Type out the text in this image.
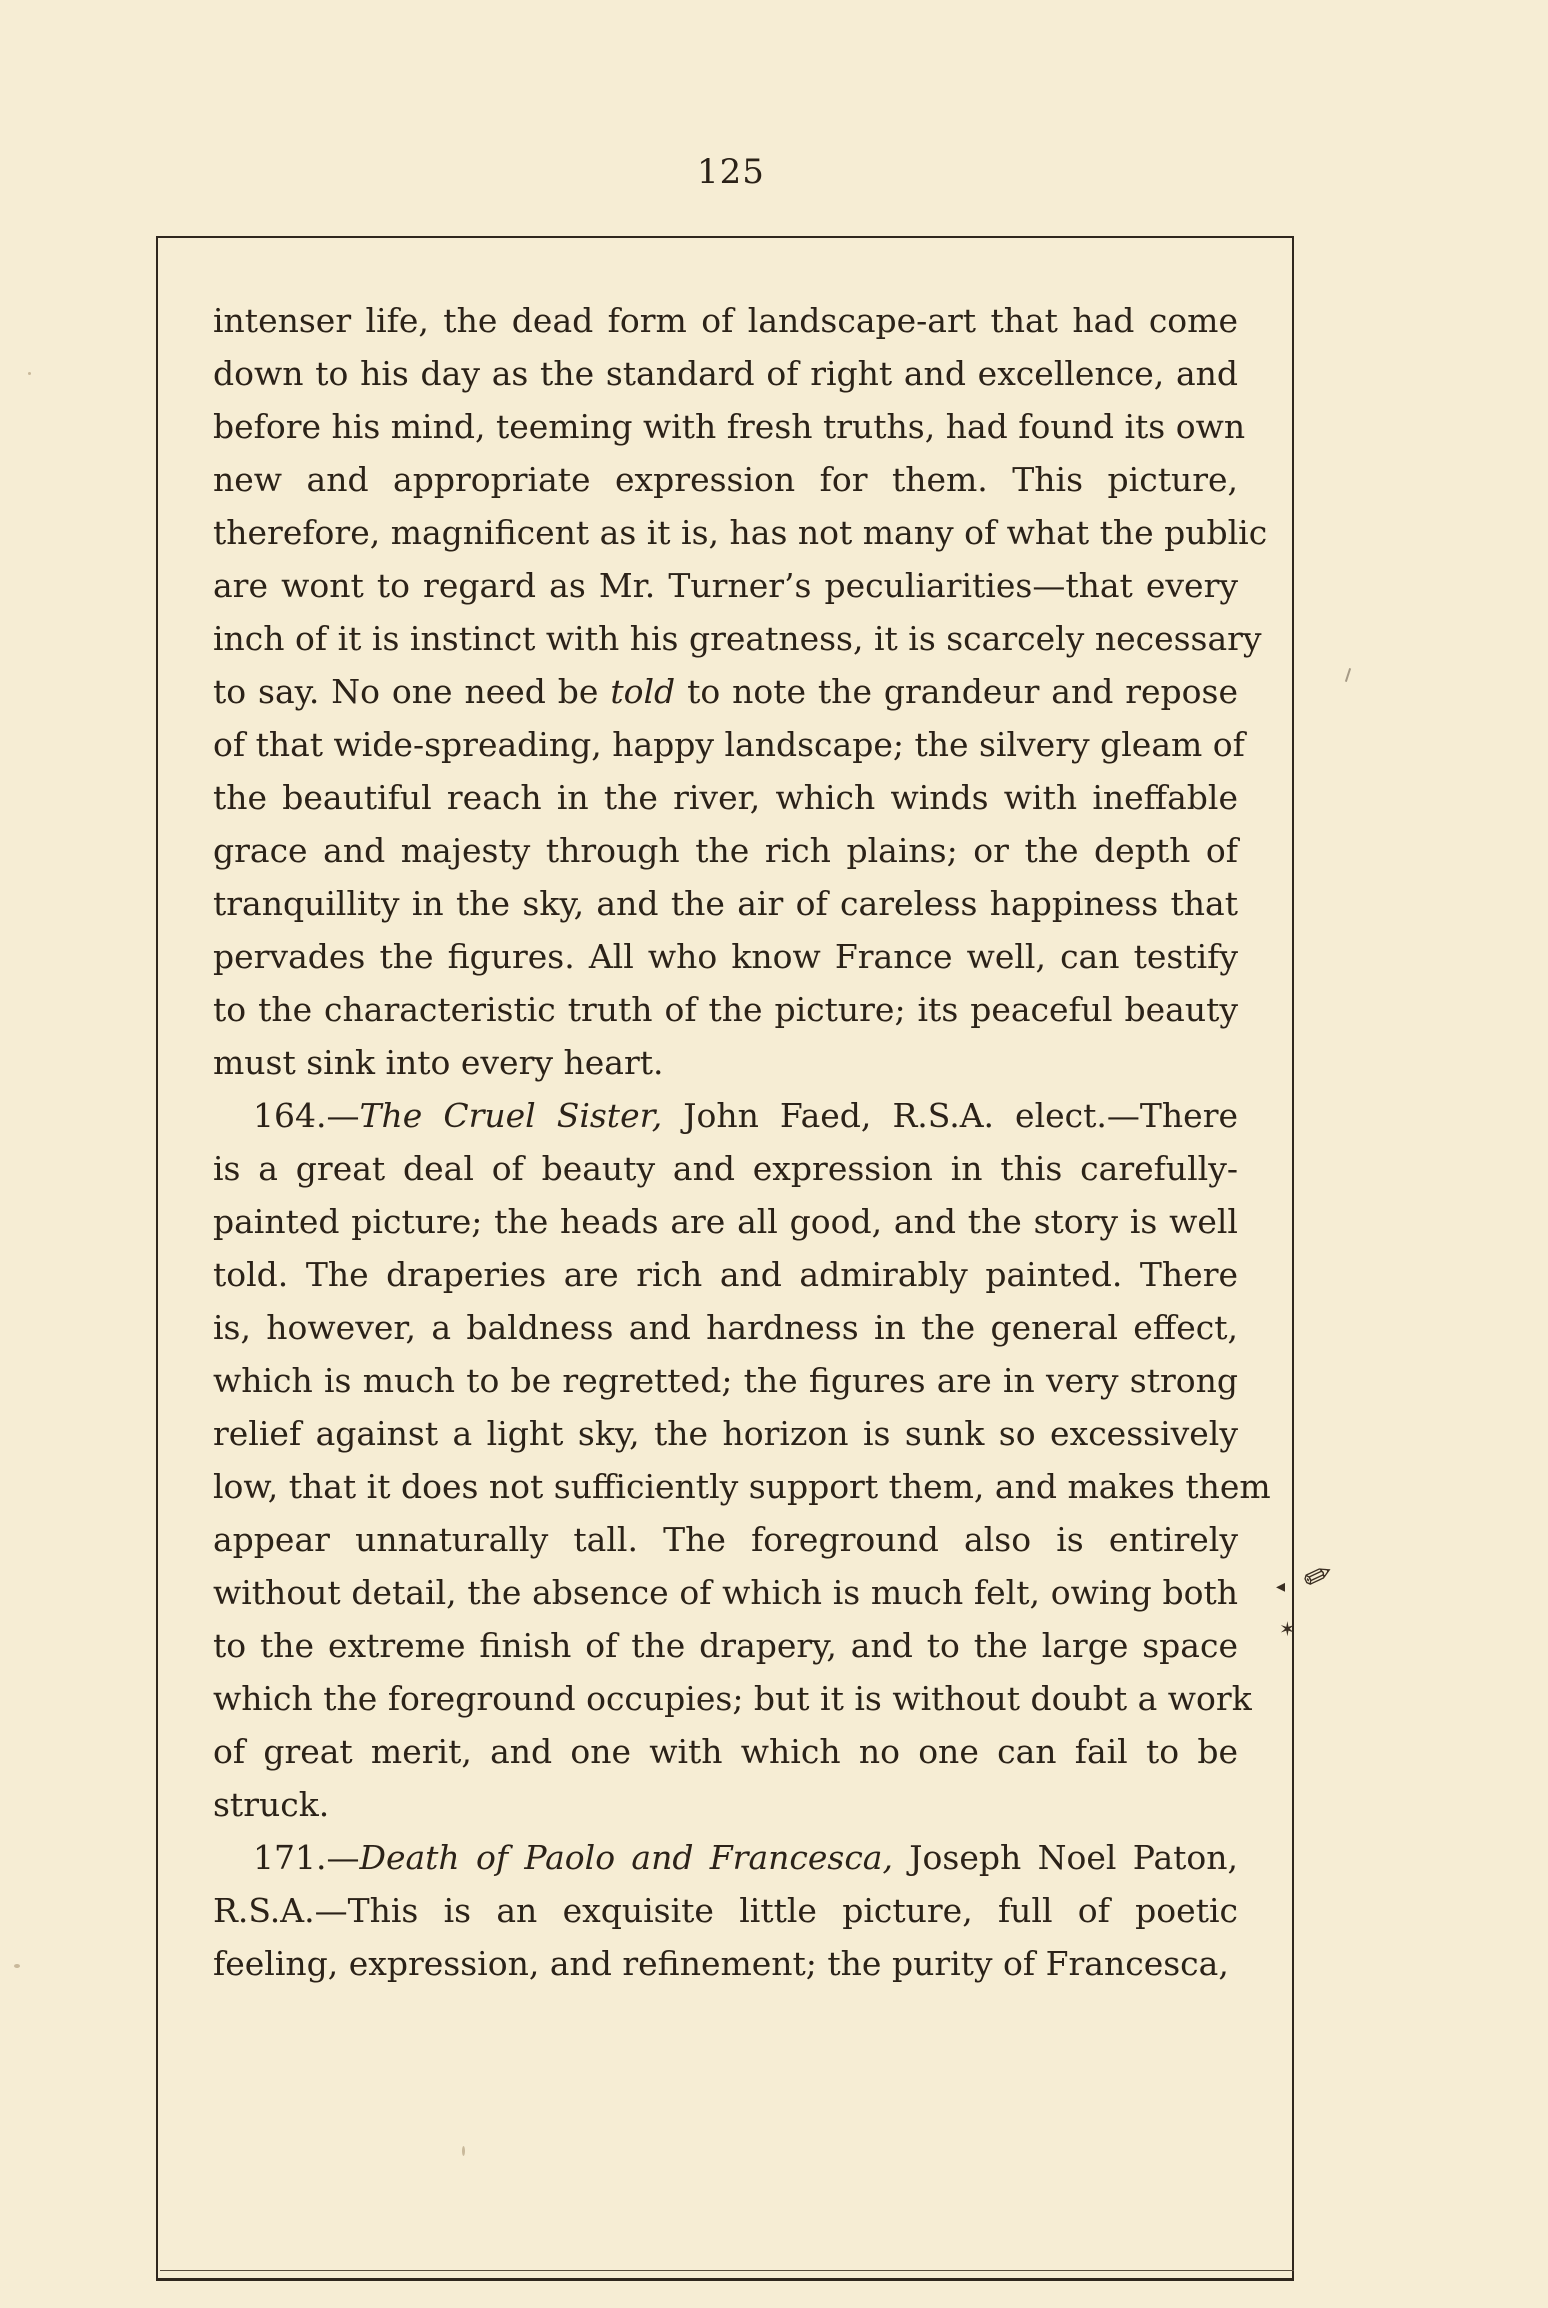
125
intenser life, the dead form of landscape-art that had come
down to his day as the standard of right and excellence, and
before his mind, teeming with fresh truths, had found its own
new and appropriate expression for them. This picture,
therefore, magnificent as it is, has not many of what the public
are wont to regard as Mr. Turner’s peculiarities—that every
inch of it is instinct with his greatness, it is scarcely necessary
to say. No one need be told to note the grandeur and repose
of that wide-spreading, happy landscape; the silvery gleam of
the beautiful reach in the river, which winds with ineffable
grace and majesty through the rich plains; or the depth of
tranquillity in the sky, and the air of careless happiness that
pervades the figures. All who know France well, can testify
to the characteristic truth of the picture; its peaceful beauty
must sink into every heart.
164.—The Cruel Sister, John Faed, R.S.A. elect.—There
is a great deal of beauty and expression in this carefully-
painted picture; the heads are all good, and the story is well
told. The draperies are rich and admirably painted. There
is, however, a baldness and hardness in the general effect,
which is much to be regretted; the figures are in very strong
relief against a light sky, the horizon is sunk so excessively
low, that it does not sufficiently support them, and makes them
appear unnaturally tall. The foreground also is entirely
without detail, the absence of which is much felt, owing both
to the extreme finish of the drapery, and to the large space
which the foreground occupies; but it is without doubt a work
of great merit, and one with which no one can fail to be
struck.
171.—Death of Paolo and Francesca, Joseph Noel Paton,
R.S.A.—This is an exquisite little picture, full of poetic
feeling, expression, and refinement; the purity of Francesca,
✐
◂
✶
